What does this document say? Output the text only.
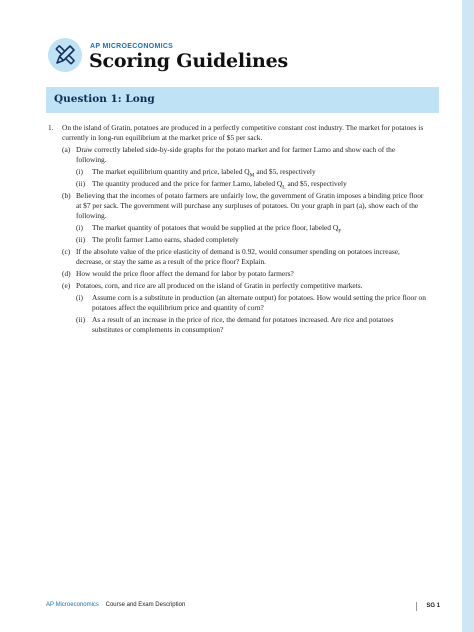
AP MICROECONOMICS
Scoring Guidelines
Question 1: Long
1. On the island of Gratin, potatoes are produced in a perfectly competitive constant cost industry. The market for potatoes is currently in long-run equilibrium at the market price of $5 per sack.
(a) Draw correctly labeled side-by-side graphs for the potato market and for farmer Lamo and show each of the following.
(i) The market equilibrium quantity and price, labeled $Q_M$ and $5, respectively
(ii) The quantity produced and the price for farmer Lamo, labeled $Q_L$ and $5, respectively
(b) Believing that the incomes of potato farmers are unfairly low, the government of Gratin imposes a binding price floor at $7 per sack. The government will purchase any surpluses of potatoes. On your graph in part (a), show each of the following.
(i) The market quantity of potatoes that would be supplied at the price floor, labeled $Q_F$
(ii) The profit farmer Lamo earns, shaded completely
(c) If the absolute value of the price elasticity of demand is 0.92, would consumer spending on potatoes increase, decrease, or stay the same as a result of the price floor? Explain.
(d) How would the price floor affect the demand for labor by potato farmers?
(e) Potatoes, corn, and rice are all produced on the island of Gratin in perfectly competitive markets.
(i) Assume corn is a substitute in production (an alternate output) for potatoes. How would setting the price floor on potatoes affect the equilibrium price and quantity of corn?
(ii) As a result of an increase in the price of rice, the demand for potatoes increased. Are rice and potatoes substitutes or complements in consumption?
AP Microeconomics Course and Exam Description	SG 1
